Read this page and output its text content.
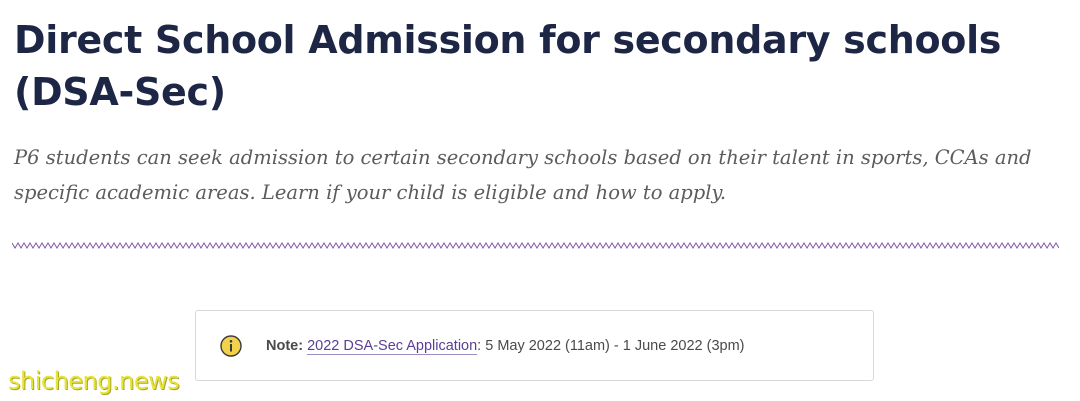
Direct School Admission for secondary schools (DSA-Sec)

P6 students can seek admission to certain secondary schools based on their talent in sports, CCAs and specific academic areas. Learn if your child is eligible and how to apply.

Note: 2022 DSA-Sec Application: 5 May 2022 (11am) - 1 June 2022 (3pm)
shicheng.news
